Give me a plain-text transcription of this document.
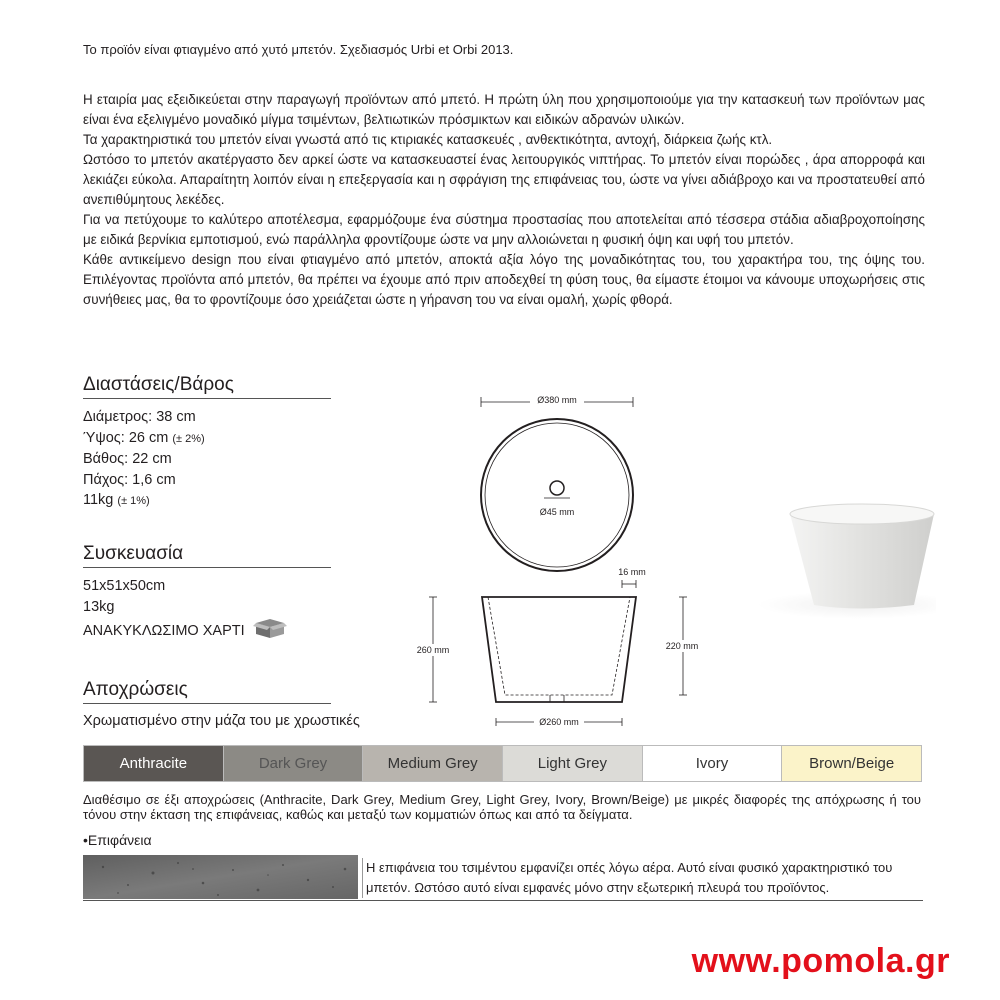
Το προϊόν είναι φτιαγμένο από χυτό μπετόν. Σχεδιασμός Urbi et Orbi 2013.

Η εταιρία μας εξειδικεύεται στην παραγωγή προϊόντων από μπετό. Η πρώτη ύλη που χρησιμοποιούμε για την κατασκευή των προϊόντων μας είναι ένα εξελιγμένο μοναδικό μίγμα τσιμέντων, βελτιωτικών πρόσμικτων και ειδικών αδρανών υλικών.

Τα χαρακτηριστικά του μπετόν είναι γνωστά από τις κτιριακές κατασκευές , ανθεκτικότητα, αντοχή, διάρκεια ζωής κτλ.

Ωστόσο το μπετόν ακατέργαστο δεν αρκεί ώστε να κατασκευαστεί ένας λειτουργικός νιπτήρας. Το μπετόν είναι πορώδες , άρα απορροφά και λεκιάζει εύκολα. Απαραίτητη λοιπόν είναι η επεξεργασία και η σφράγιση της επιφάνειας του, ώστε να γίνει αδιάβροχο και να προστατευθεί από ανεπιθύμητους λεκέδες.

Για να πετύχουμε το καλύτερο αποτέλεσμα, εφαρμόζουμε ένα σύστημα προστασίας που αποτελείται από τέσσερα στάδια αδιαβροχοποίησης με ειδικά βερνίκια εμποτισμού, ενώ παράλληλα φροντίζουμε ώστε να μην αλλοιώνεται η φυσική όψη και υφή του μπετόν.

Κάθε αντικείμενο design που είναι φτιαγμένο από μπετόν, αποκτά αξία λόγο της μοναδικότητας του, του χαρακτήρα του, της όψης του. Επιλέγοντας προϊόντα από μπετόν, θα πρέπει να έχουμε από πριν αποδεχθεί τη φύση τους, θα είμαστε έτοιμοι να κάνουμε υποχωρήσεις στις συνήθειες μας, θα το φροντίζουμε όσο χρειάζεται ώστε η γήρανση του να είναι ομαλή, χωρίς φθορά.

Διαστάσεις/Βάρος
Διάμετρος: 38 cm
Ύψος: 26 cm (± 2%)
Βάθος: 22 cm
Πάχος: 1,6 cm
11kg (± 1%)
Συσκευασία
51x51x50cm
13kg
ΑΝΑΚΥΚΛΩΣΙΜΟ ΧΑΡΤΙ
Αποχρώσεις
Χρωματισμένο στην μάζα του με χρωστικές
Anthracite	Dark Grey	Medium Grey	Light Grey	Ivory	Brown/Beige
Διαθέσιμο σε έξι αποχρώσεις (Anthracite, Dark Grey, Medium Grey, Light Grey, Ivory, Brown/Beige) με μικρές διαφορές της απόχρωσης ή του τόνου στην έκταση της επιφάνειας, καθώς και μεταξύ των κομματιών όπως και από τα δείγματα.
•Επιφάνεια
Η επιφάνεια του τσιμέντου εμφανίζει οπές λόγω αέρα. Αυτό είναι φυσικό χαρακτηριστικό του μπετόν. Ωστόσο αυτό είναι εμφανές μόνο στην εξωτερική πλευρά του προϊόντος.
Ø380 mm
Ø45 mm
16 mm
260 mm	220 mm
Ø260 mm
www.pomola.gr
